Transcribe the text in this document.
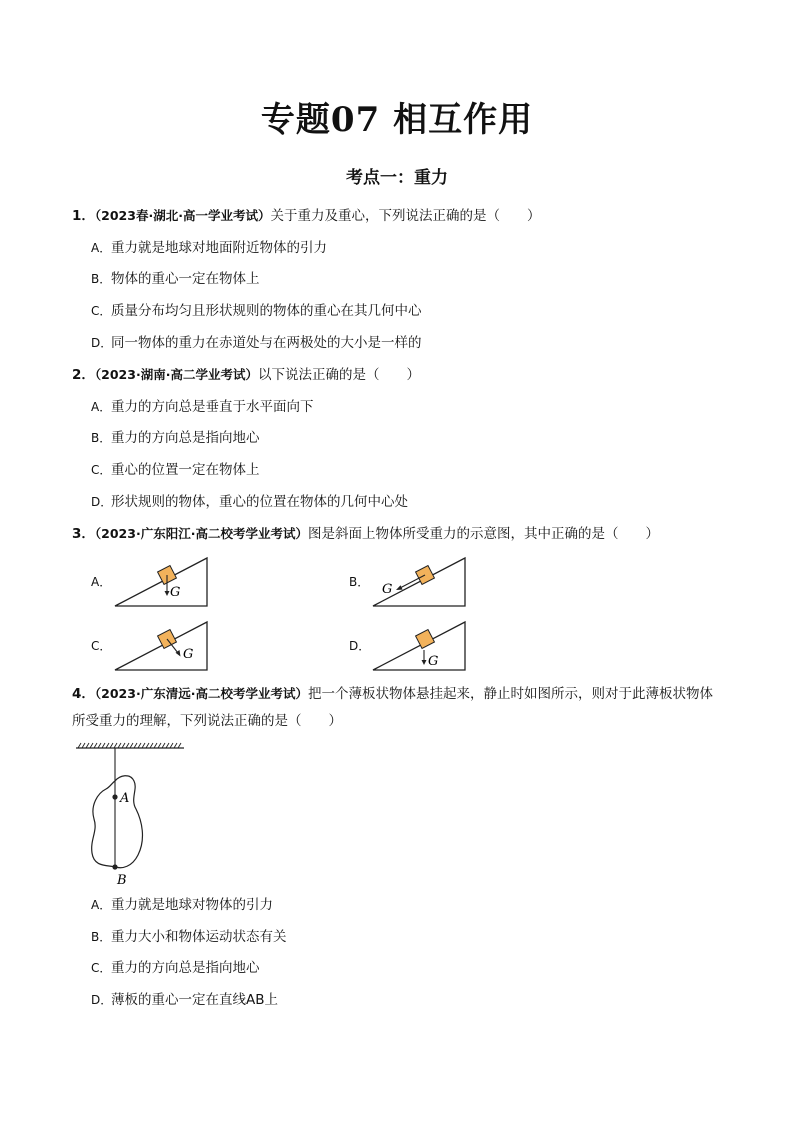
专题07 相互作用
考点一：重力
1．（2023春·湖北·高一学业考试）关于重力及重心，下列说法正确的是（　　）
A．重力就是地球对地面附近物体的引力
B．物体的重心一定在物体上
C．质量分布均匀且形状规则的物体的重心在其几何中心
D．同一物体的重力在赤道处与在两极处的大小是一样的
2．（2023·湖南·高二学业考试）以下说法正确的是（　　）
A．重力的方向总是垂直于水平面向下
B．重力的方向总是指向地心
C．重心的位置一定在物体上
D．形状规则的物体，重心的位置在物体的几何中心处
3．（2023·广东阳江·高二校考学业考试）图是斜面上物体所受重力的示意图，其中正确的是（　　）
A．
G
B． G
C．
G
D．
G
4．（2023·广东清远·高二校考学业考试）把一个薄板状物体悬挂起来，静止时如图所示，则对于此薄板状物体所受重力的理解，下列说法正确的是（　　）
A
B
A．重力就是地球对物体的引力
B．重力大小和物体运动状态有关
C．重力的方向总是指向地心
D．薄板的重心一定在直线AB上
